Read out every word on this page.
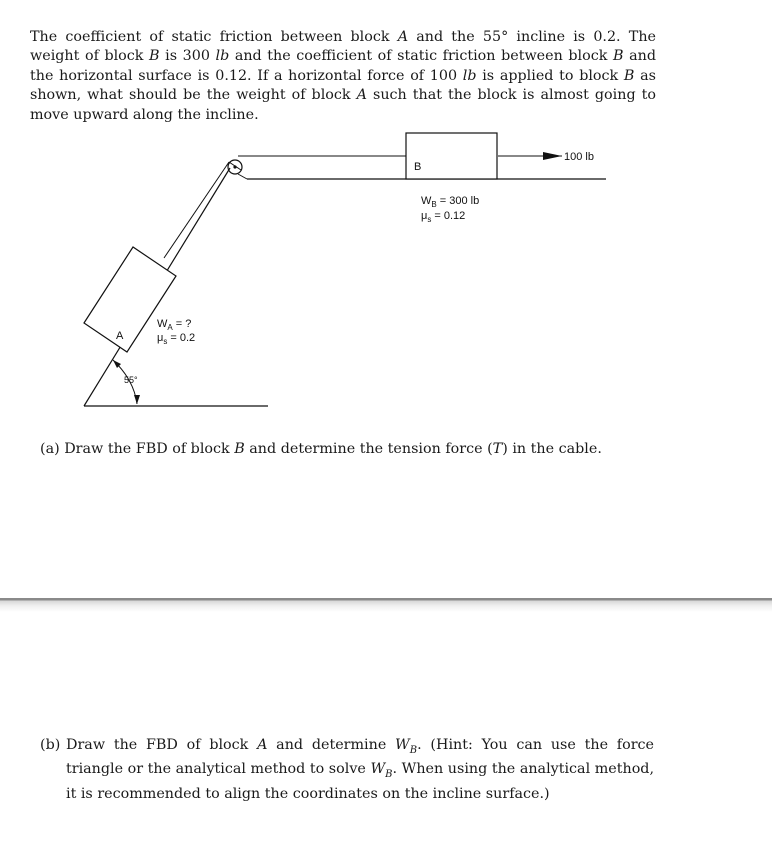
The coefficient of static friction between block A and the 55° incline is 0.2. The weight of block B is 300 lb and the coefficient of static friction between block B and the horizontal surface is 0.12. If a horizontal force of 100 lb is applied to block B as shown, what should be the weight of block A such that the block is almost going to move upward along the incline.

B
100 lb
$W_B = 300$ lb
$\mu_s = 0.12$
A
$W_A$ = ?
$\mu_s = 0.2$
55°

(a) Draw the FBD of block B and determine the tension force (T) in the cable.

(b) Draw the FBD of block A and determine $W_B$. (Hint: You can use the force triangle or the analytical method to solve $W_B$. When using the analytical method, it is recommended to align the coordinates on the incline surface.)
